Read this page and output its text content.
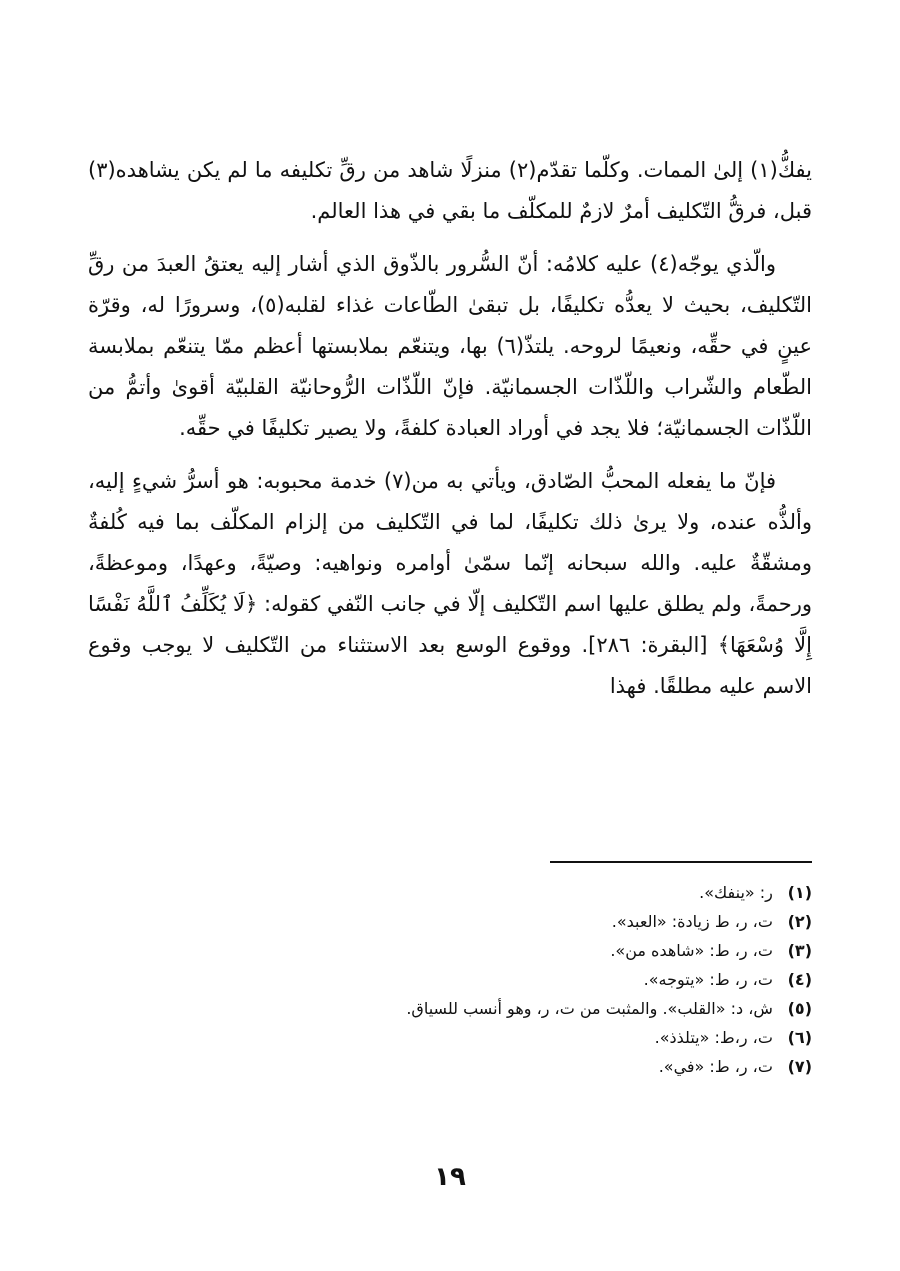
يفكُّ(١) إلىٰ الممات. وكلّما تقدّم(٢) منزلًا شاهد من رقِّ تكليفه ما لم يكن يشاهده(٣) قبل، فرقُّ التّكليف أمرٌ لازمٌ للمكلّف ما بقي في هذا العالم.

والّذي يوجّه(٤) عليه كلامُه: أنّ السُّرور بالذّوق الذي أشار إليه يعتقُ العبدَ من رقِّ التّكليف، بحيث لا يعدُّه تكليفًا، بل تبقىٰ الطّاعات غذاء لقلبه(٥)، وسرورًا له، وقرّة عينٍ في حقِّه، ونعيمًا لروحه. يلتذّ(٦) بها، ويتنعّم بملابستها أعظم ممّا يتنعّم بملابسة الطّعام والشّراب واللّذّات الجسمانيّة. فإنّ اللّذّات الرُّوحانيّة القلبيّة أقوىٰ وأتمُّ من اللّذّات الجسمانيّة؛ فلا يجد في أوراد العبادة كلفةً، ولا يصير تكليفًا في حقِّه.

فإنّ ما يفعله المحبُّ الصّادق، ويأتي به من(٧) خدمة محبوبه: هو أسرُّ شيءٍ إليه، وألذُّه عنده، ولا يرىٰ ذلك تكليفًا، لما في التّكليف من إلزام المكلّف بما فيه كُلفةٌ ومشقّةٌ عليه. والله سبحانه إنّما سمّىٰ أوامره ونواهيه: وصيّةً، وعهدًا، وموعظةً، ورحمةً، ولم يطلق عليها اسم التّكليف إلّا في جانب النّفي كقوله: ﴿لَا يُكَلِّفُ ٱللَّهُ نَفْسًا إِلَّا وُسْعَهَا﴾ [البقرة: ٢٨٦]. ووقوع الوسع بعد الاستثناء من التّكليف لا يوجب وقوع الاسم عليه مطلقًا. فهذا

(١) ر: «ينفك».
(٢) ت، ر، ط زيادة: «العبد».
(٣) ت، ر، ط: «شاهده من».
(٤) ت، ر، ط: «يتوجه».
(٥) ش، د: «القلب». والمثبت من ت، ر، وهو أنسب للسياق.
(٦) ت، ر،ط: «يتلذذ».
(٧) ت، ر، ط: «في».
١٩
